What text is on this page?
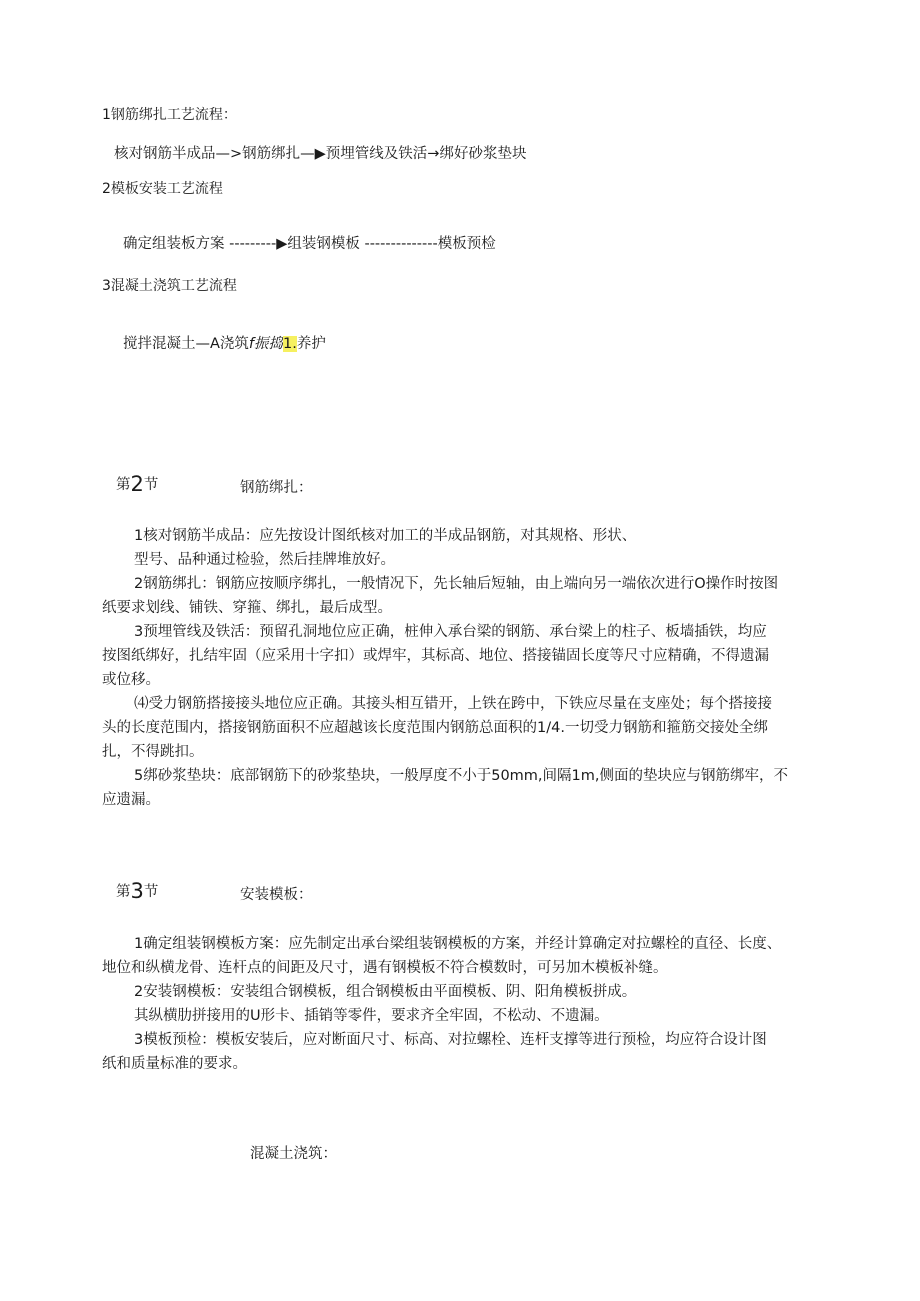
1钢筋绑扎工艺流程：
核对钢筋半成品—>钢筋绑扎—▶预埋管线及铁活→绑好砂浆垫块
2模板安装工艺流程
确定组装板方案 ---------▶组装钢模板 --------------模板预检
3混凝土浇筑工艺流程
搅拌混凝土—A浇筑f振捣1.养护
第2节	钢筋绑扎：

1核对钢筋半成品：应先按设计图纸核对加工的半成品钢筋，对其规格、形状、

型号、品种通过检验，然后挂牌堆放好。

2钢筋绑扎：钢筋应按顺序绑扎，一般情况下，先长轴后短轴，由上端向另一端依次进行O操作时按图

纸要求划线、铺铁、穿箍、绑扎，最后成型。

3预埋管线及铁活：预留孔洞地位应正确，桩伸入承台梁的钢筋、承台梁上的柱子、板墙插铁，均应

按图纸绑好，扎结牢固（应采用十字扣）或焊牢，其标高、地位、搭接锚固长度等尺寸应精确，不得遗漏

或位移。

⑷受力钢筋搭接接头地位应正确。其接头相互错开，上铁在跨中，下铁应尽量在支座处；每个搭接接

头的长度范围内，搭接钢筋面积不应超越该长度范围内钢筋总面积的1/4.一切受力钢筋和箍筋交接处全绑

扎，不得跳扣。

5绑砂浆垫块：底部钢筋下的砂浆垫块，一般厚度不小于50mm,间隔1m,侧面的垫块应与钢筋绑牢，不

应遗漏。

第3节	安装模板：

1确定组装钢模板方案：应先制定出承台梁组装钢模板的方案，并经计算确定对拉螺栓的直径、长度、

地位和纵横龙骨、连杆点的间距及尺寸，遇有钢模板不符合模数时，可另加木模板补缝。

2安装钢模板：安装组合钢模板，组合钢模板由平面模板、阴、阳角模板拼成。

其纵横肋拼接用的U形卡、插销等零件，要求齐全牢固，不松动、不遗漏。

3模板预检：模板安装后，应对断面尺寸、标高、对拉螺栓、连杆支撑等进行预检，均应符合设计图

纸和质量标准的要求。

混凝土浇筑：
